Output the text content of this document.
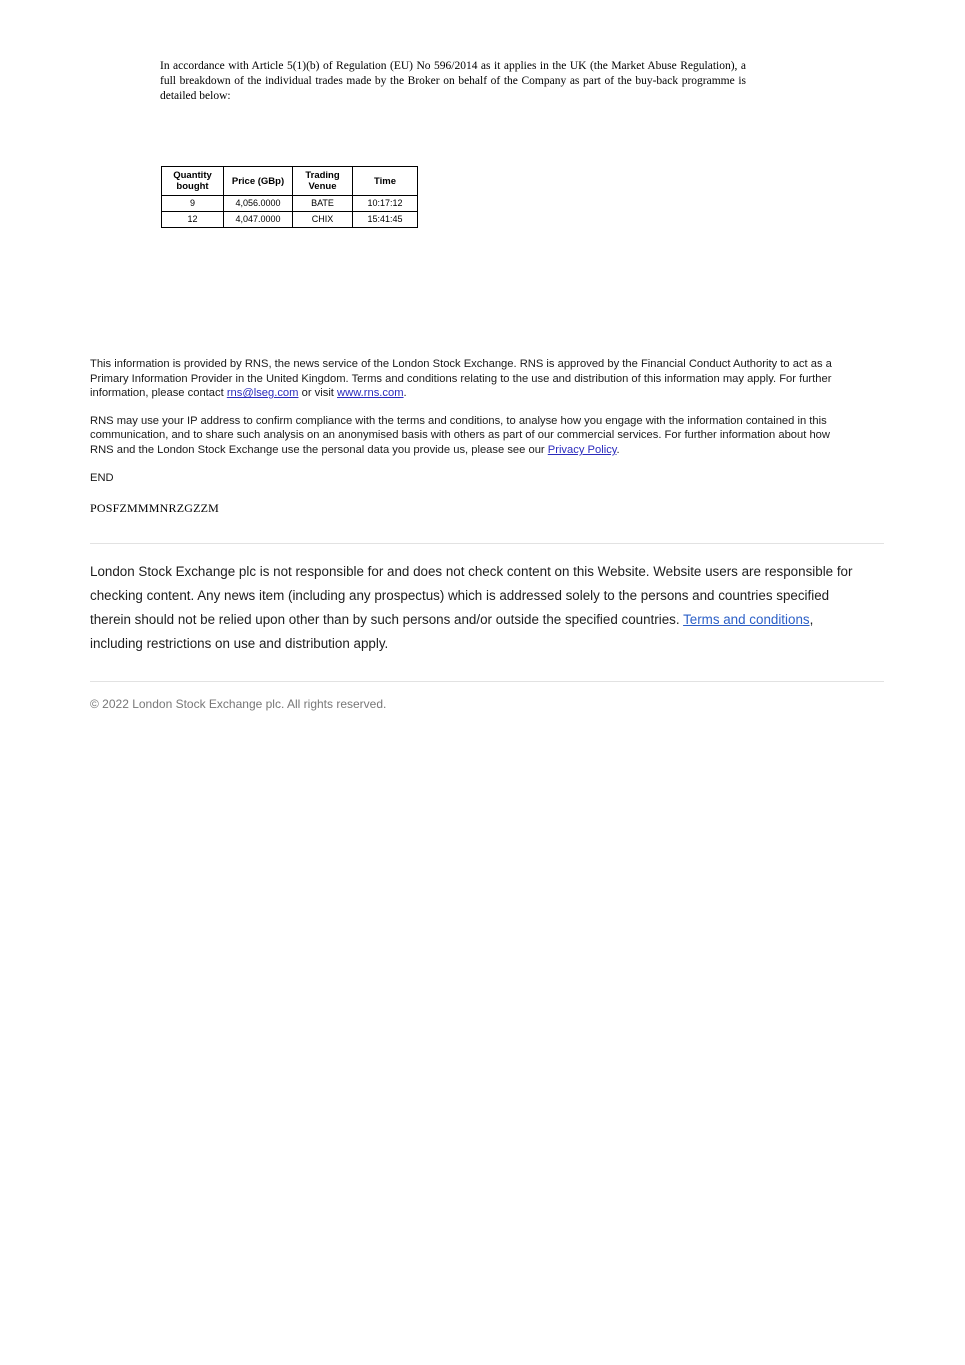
In accordance with Article 5(1)(b) of Regulation (EU) No 596/2014 as it applies in the UK (the Market Abuse Regulation), a full breakdown of the individual trades made by the Broker on behalf of the Company as part of the buy-back programme is detailed below:

Quantity bought	Price (GBp)	Trading Venue	Time
9	4,056.0000	BATE	10:17:12
12	4,047.0000	CHIX	15:41:45

This information is provided by RNS, the news service of the London Stock Exchange. RNS is approved by the Financial Conduct Authority to act as a Primary Information Provider in the United Kingdom. Terms and conditions relating to the use and distribution of this information may apply. For further information, please contact rns@lseg.com or visit www.rns.com.

RNS may use your IP address to confirm compliance with the terms and conditions, to analyse how you engage with the information contained in this communication, and to share such analysis on an anonymised basis with others as part of our commercial services. For further information about how RNS and the London Stock Exchange use the personal data you provide us, please see our Privacy Policy.

END

POSFZMMMNRZGZZM
London Stock Exchange plc is not responsible for and does not check content on this Website. Website users are responsible for checking content. Any news item (including any prospectus) which is addressed solely to the persons and countries specified therein should not be relied upon other than by such persons and/or outside the specified countries. Terms and conditions, including restrictions on use and distribution apply.
© 2022 London Stock Exchange plc. All rights reserved.
